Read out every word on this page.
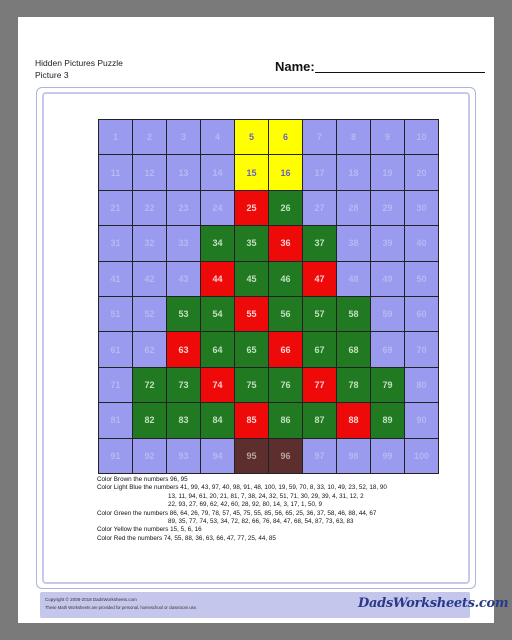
Hidden Pictures Puzzle
Picture 3
Name:
1	2	3	4	5	6	7	8	9	10
11	12	13	14	15	16	17	18	19	20
21	22	23	24	25	26	27	28	29	30
31	32	33	34	35	36	37	38	39	40
41	42	43	44	45	46	47	48	49	50
51	52	53	54	55	56	57	58	59	60
61	62	63	64	65	66	67	68	69	70
71	72	73	74	75	76	77	78	79	80
81	82	83	84	85	86	87	88	89	90
91	92	93	94	95	96	97	98	99	100
Color Brown the numbers 96, 95
Color Light Blue the numbers 41, 99, 43, 97, 40, 98, 91, 48, 100, 19, 59, 70, 8, 33, 10, 49, 23, 52, 18, 90
13, 11, 94, 61, 20, 21, 81, 7, 38, 24, 32, 51, 71, 30, 29, 39, 4, 31, 12, 2
22, 93, 27, 69, 62, 42, 60, 28, 92, 80, 14, 3, 17, 1, 50, 9
Color Green the numbers 86, 64, 26, 79, 78, 57, 45, 75, 55, 85, 56, 65, 25, 36, 37, 58, 46, 88, 44, 67
89, 35, 77, 74, 53, 34, 72, 82, 66, 76, 84, 47, 68, 54, 87, 73, 63, 83
Color Yellow the numbers 15, 5, 6, 16
Color Red the numbers 74, 55, 88, 36, 63, 66, 47, 77, 25, 44, 85
Copyright © 2008-2018 DadsWorksheets.com
These Math Worksheets are provided for personal, homeschool or classroom use.	DadsWorksheets.com
